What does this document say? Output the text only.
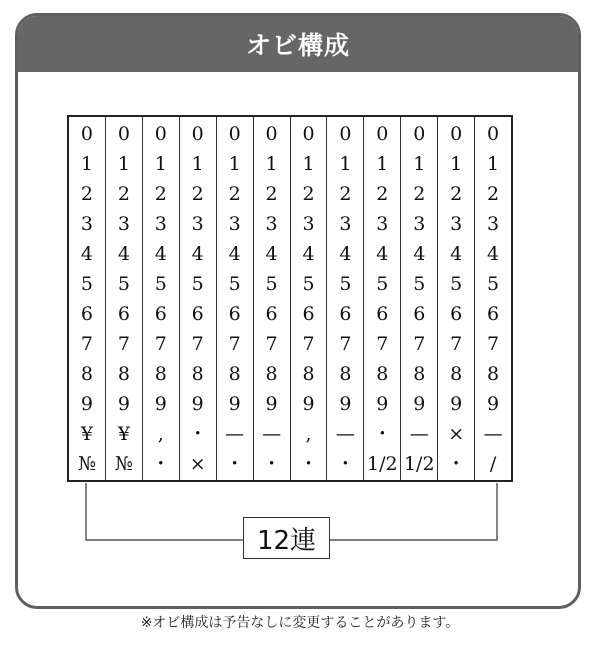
オビ構成
0
1
2
3
4
5
6
7
8
9
¥
№
0
1
2
3
4
5
6
7
8
9
¥
№
0
1
2
3
4
5
6
7
8
9
,
・
0
1
2
3
4
5
6
7
8
9
・
×
0
1
2
3
4
5
6
7
8
9
—
・
0
1
2
3
4
5
6
7
8
9
—
・
0
1
2
3
4
5
6
7
8
9
,
・
0
1
2
3
4
5
6
7
8
9
—
・
0
1
2
3
4
5
6
7
8
9
・
1/2
0
1
2
3
4
5
6
7
8
9
—
1/2
0
1
2
3
4
5
6
7
8
9
×
・
0
1
2
3
4
5
6
7
8
9
—
/
12連
※オビ構成は予告なしに変更することがあります。
